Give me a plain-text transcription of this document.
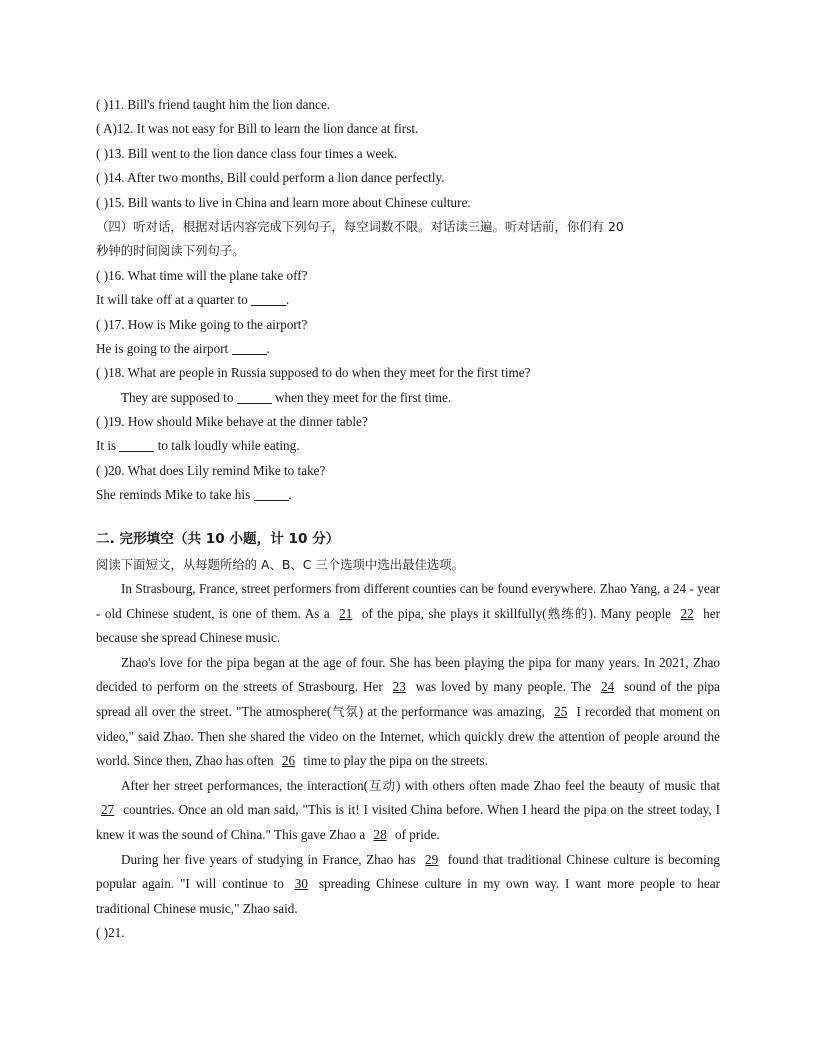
( )11. Bill's friend taught him the lion dance.
( A)12. It was not easy for Bill to learn the lion dance at first.
( )13. Bill went to the lion dance class four times a week.
( )14. After two months, Bill could perform a lion dance perfectly.
( )15. Bill wants to live in China and learn more about Chinese culture.
（四）听对话，根据对话内容完成下列句子，每空词数不限。对话读三遍。听对话前，你们有 20
秒钟的时间阅读下列句子。
( )16. What time will the plane take off?
It will take off at a quarter to	.
( )17. How is Mike going to the airport?
He is going to the airport	.
( )18. What are people in Russia supposed to do when they meet for the first time?
They are supposed to	when they meet for the first time.
( )19. How should Mike behave at the dinner table?
It is	to talk loudly while eating.
( )20. What does Lily remind Mike to take?
She reminds Mike to take his	.
二. 完形填空（共 10 小题，计 10 分）
阅读下面短文，从每题所给的 A、B、C 三个选项中选出最佳选项。

In Strasbourg, France, street performers from different counties can be found everywhere. Zhao Yang, a 24 - year - old Chinese student, is one of them. As a 21 of the pipa, she plays it skillfully(熟练的). Many people 22 her because she spread Chinese music.

Zhao's love for the pipa began at the age of four. She has been playing the pipa for many years. In 2021, Zhao decided to perform on the streets of Strasbourg. Her 23 was loved by many people. The 24 sound of the pipa spread all over the street. "The atmosphere(气氛) at the performance was amazing, 25 I recorded that moment on video," said Zhao. Then she shared the video on the Internet, which quickly drew the attention of people around the world. Since then, Zhao has often 26 time to play the pipa on the streets.

After her street performances, the interaction(互动) with others often made Zhao feel the beauty of music that 27 countries. Once an old man said, "This is it! I visited China before. When I heard the pipa on the street today, I knew it was the sound of China." This gave Zhao a 28 of pride.

During her five years of studying in France, Zhao has 29 found that traditional Chinese culture is becoming popular again. "I will continue to 30 spreading Chinese culture in my own way. I want more people to hear traditional Chinese music," Zhao said.

( )21.
